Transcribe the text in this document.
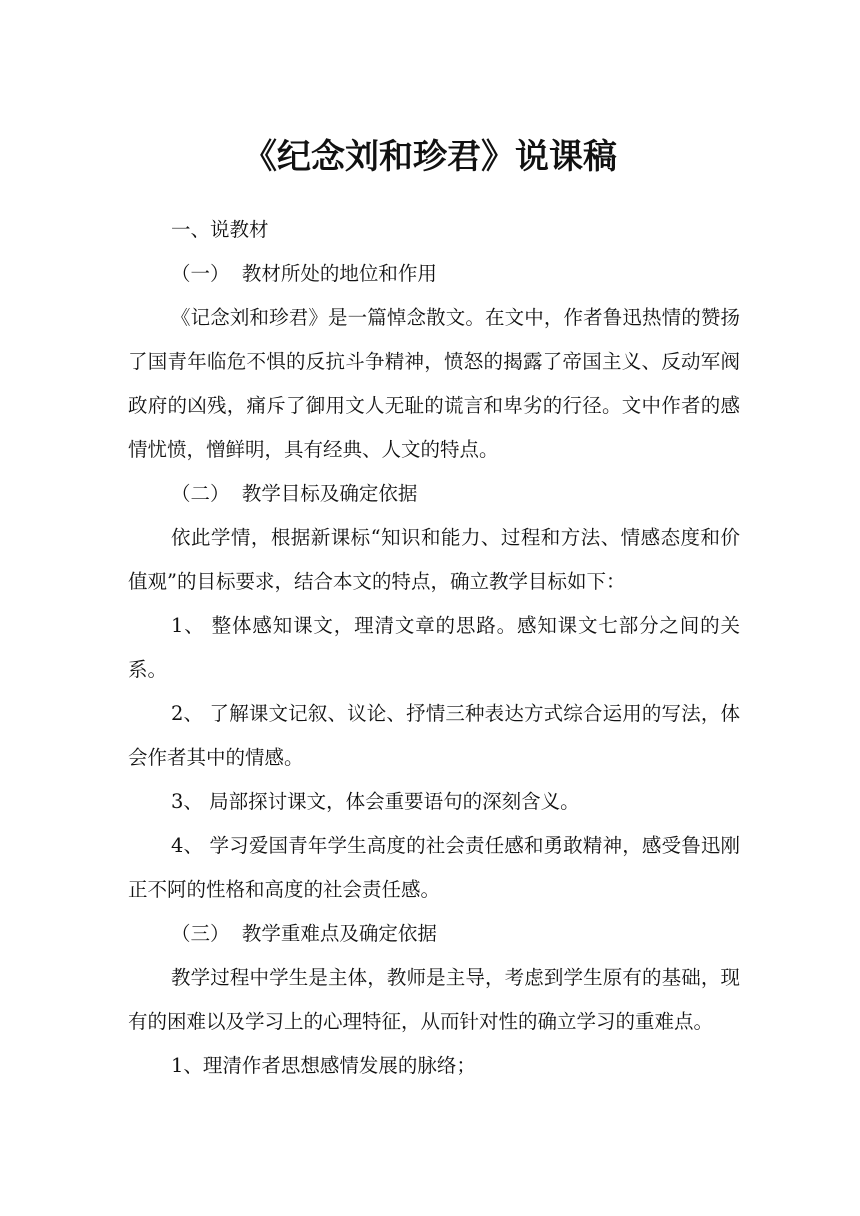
《纪念刘和珍君》说课稿

一、说教材

（一）  教材所处的地位和作用

《记念刘和珍君》是一篇悼念散文。在文中，作者鲁迅热情的赞扬了国青年临危不惧的反抗斗争精神，愤怒的揭露了帝国主义、反动军阀政府的凶残，痛斥了御用文人无耻的谎言和卑劣的行径。文中作者的感情忧愤，憎鲜明，具有经典、人文的特点。

（二）  教学目标及确定依据

依此学情，根据新课标“知识和能力、过程和方法、情感态度和价值观”的目标要求，结合本文的特点，确立教学目标如下：

1、 整体感知课文，理清文章的思路。感知课文七部分之间的关系。

2、 了解课文记叙、议论、抒情三种表达方式综合运用的写法，体会作者其中的情感。

3、 局部探讨课文，体会重要语句的深刻含义。

4、 学习爱国青年学生高度的社会责任感和勇敢精神，感受鲁迅刚正不阿的性格和高度的社会责任感。

（三）  教学重难点及确定依据

教学过程中学生是主体，教师是主导，考虑到学生原有的基础，现有的困难以及学习上的心理特征，从而针对性的确立学习的重难点。

1、理清作者思想感情发展的脉络；
